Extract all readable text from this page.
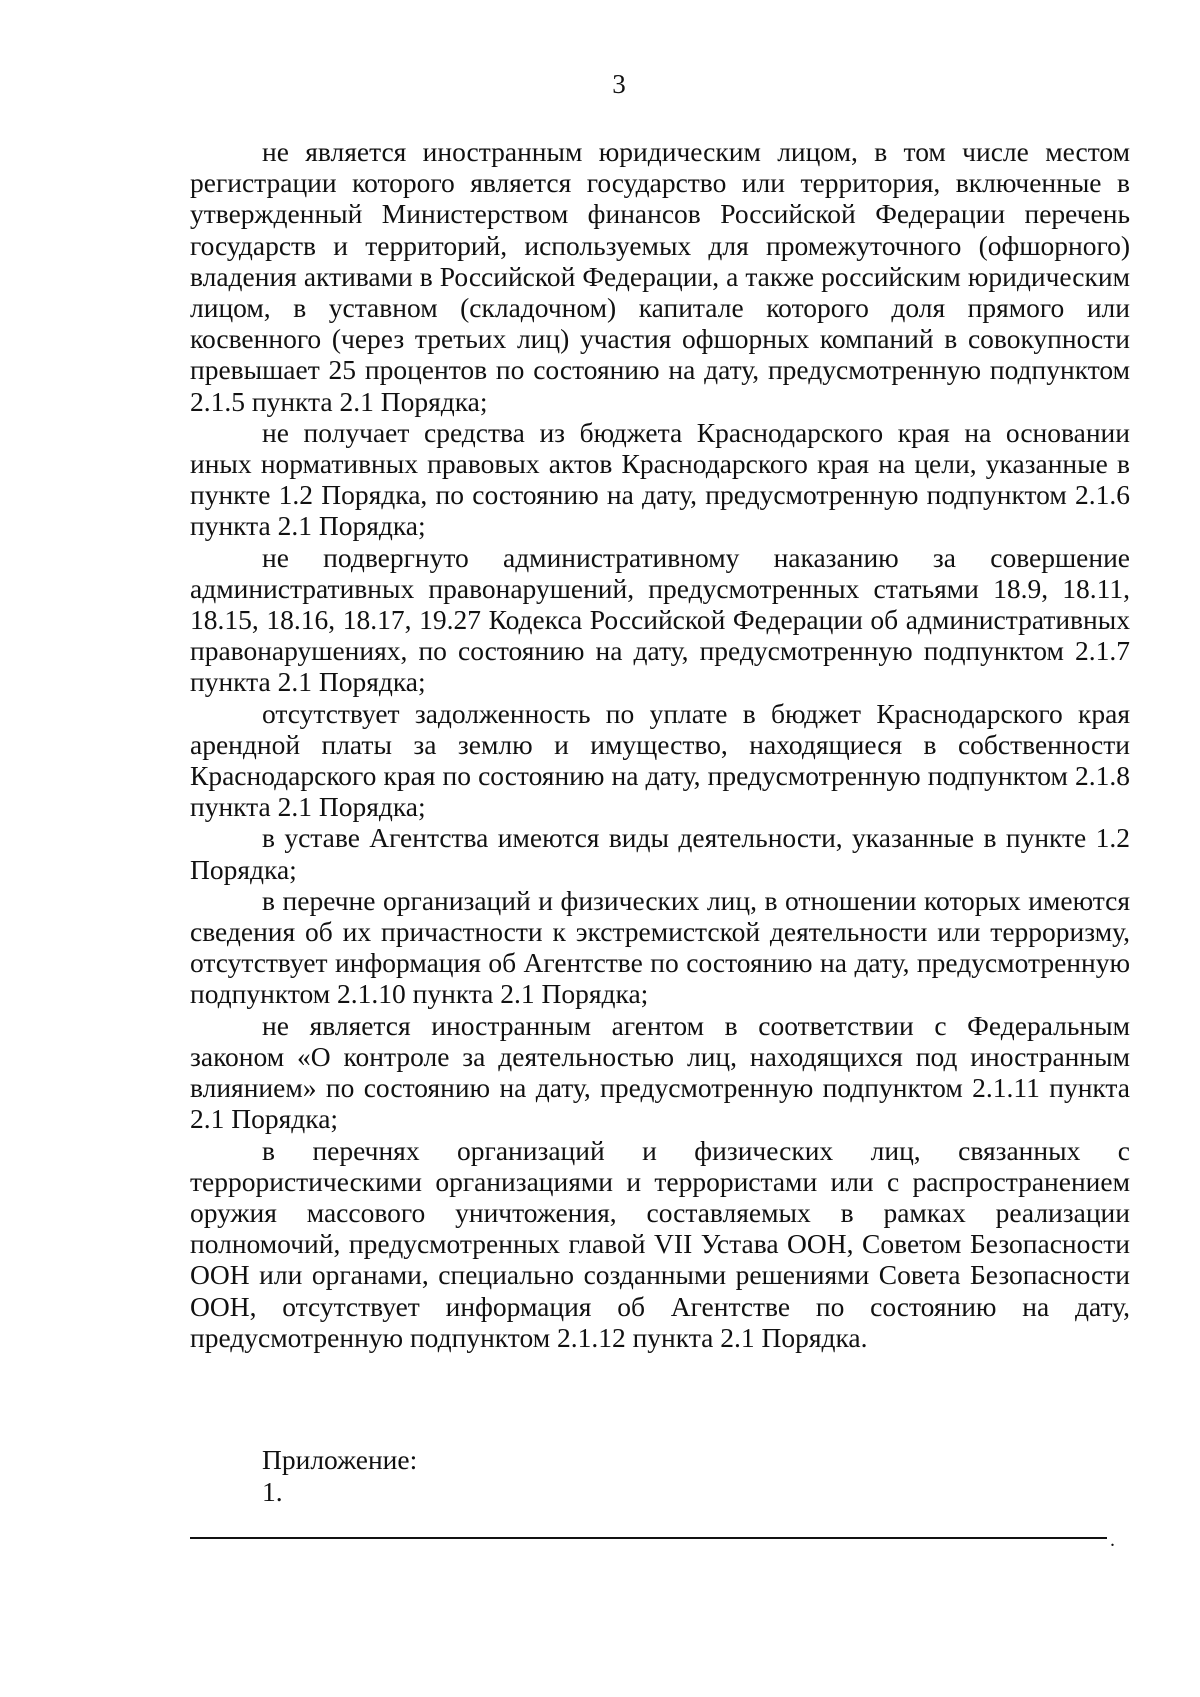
3

не является иностранным юридическим лицом, в том числе местом регистрации которого является государство или территория, включенные в утвержденный Министерством финансов Российской Федерации перечень государств и территорий, используемых для промежуточного (офшорного) владения активами в Российской Федерации, а также российским юридическим лицом, в уставном (складочном) капитале которого доля прямого или косвенного (через третьих лиц) участия офшорных компаний в совокупности превышает 25 процентов по состоянию на дату, предусмотренную подпунктом 2.1.5 пункта 2.1 Порядка;

не получает средства из бюджета Краснодарского края на основании иных нормативных правовых актов Краснодарского края на цели, указанные в пункте 1.2 Порядка, по состоянию на дату, предусмотренную подпунктом 2.1.6 пункта 2.1 Порядка;

не подвергнуто административному наказанию за совершение административных правонарушений, предусмотренных статьями 18.9, 18.11, 18.15, 18.16, 18.17, 19.27 Кодекса Российской Федерации об административных правонарушениях, по состоянию на дату, предусмотренную подпунктом 2.1.7 пункта 2.1 Порядка;

отсутствует задолженность по уплате в бюджет Краснодарского края арендной платы за землю и имущество, находящиеся в собственности Краснодарского края по состоянию на дату, предусмотренную подпунктом 2.1.8 пункта 2.1 Порядка;

в уставе Агентства имеются виды деятельности, указанные в пункте 1.2 Порядка;

в перечне организаций и физических лиц, в отношении которых имеются сведения об их причастности к экстремистской деятельности или терроризму, отсутствует информация об Агентстве по состоянию на дату, предусмотренную подпунктом 2.1.10 пункта 2.1 Порядка;

не является иностранным агентом в соответствии с Федеральным законом «О контроле за деятельностью лиц, находящихся под иностранным влиянием» по состоянию на дату, предусмотренную подпунктом 2.1.11 пункта 2.1 Порядка;

в перечнях организаций и физических лиц, связанных с террористическими организациями и террористами или с распространением оружия массового уничтожения, составляемых в рамках реализации полномочий, предусмотренных главой VII Устава ООН, Советом Безопасности ООН или органами, специально созданными решениями Совета Безопасности ООН, отсутствует информация об Агентстве по состоянию на дату, предусмотренную подпунктом 2.1.12 пункта 2.1 Порядка.

Приложение:
1.
.
